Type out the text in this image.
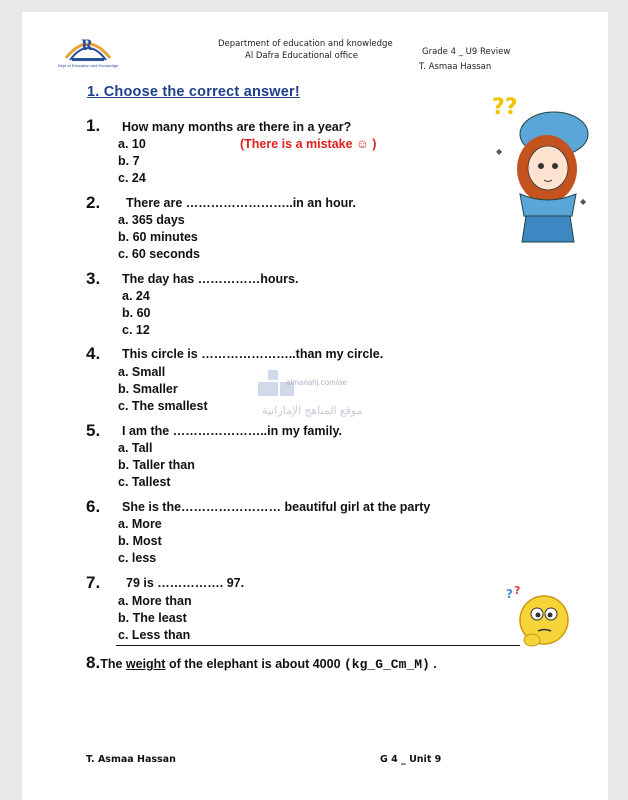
R
Dept of Education and Knowledge
Department of education and knowledge
Al Dafra Educational office	Grade 4 _ U9 Review
T. Asmaa Hassan
1. Choose the correct answer!
??
◆
◆
? ?
almanahj.com/ae
موقع المناهج الإماراتية
1. How many months are there in a year?
a. 10	(There is a mistake ☺ )
b. 7
c. 24
2. There are ……………………..in an hour.
a. 365 days
b. 60 minutes
c. 60 seconds
3. The day has ……………hours.
a. 24
b. 60
c. 12
4. This circle is …………………..than my circle.
a. Small
b. Smaller
c. The smallest
5. I am the …………………..in my family.
a. Tall
b. Taller than
c. Tallest
6. She is the…………………… beautiful girl at the party
a. More
b. Most
c. less
7. 79 is ……………. 97.
a. More than
b. The least
c. Less than
8.The weight of the elephant is about 4000 (kg_G_Cm_M) .
T. Asmaa Hassan	G 4 _ Unit 9
